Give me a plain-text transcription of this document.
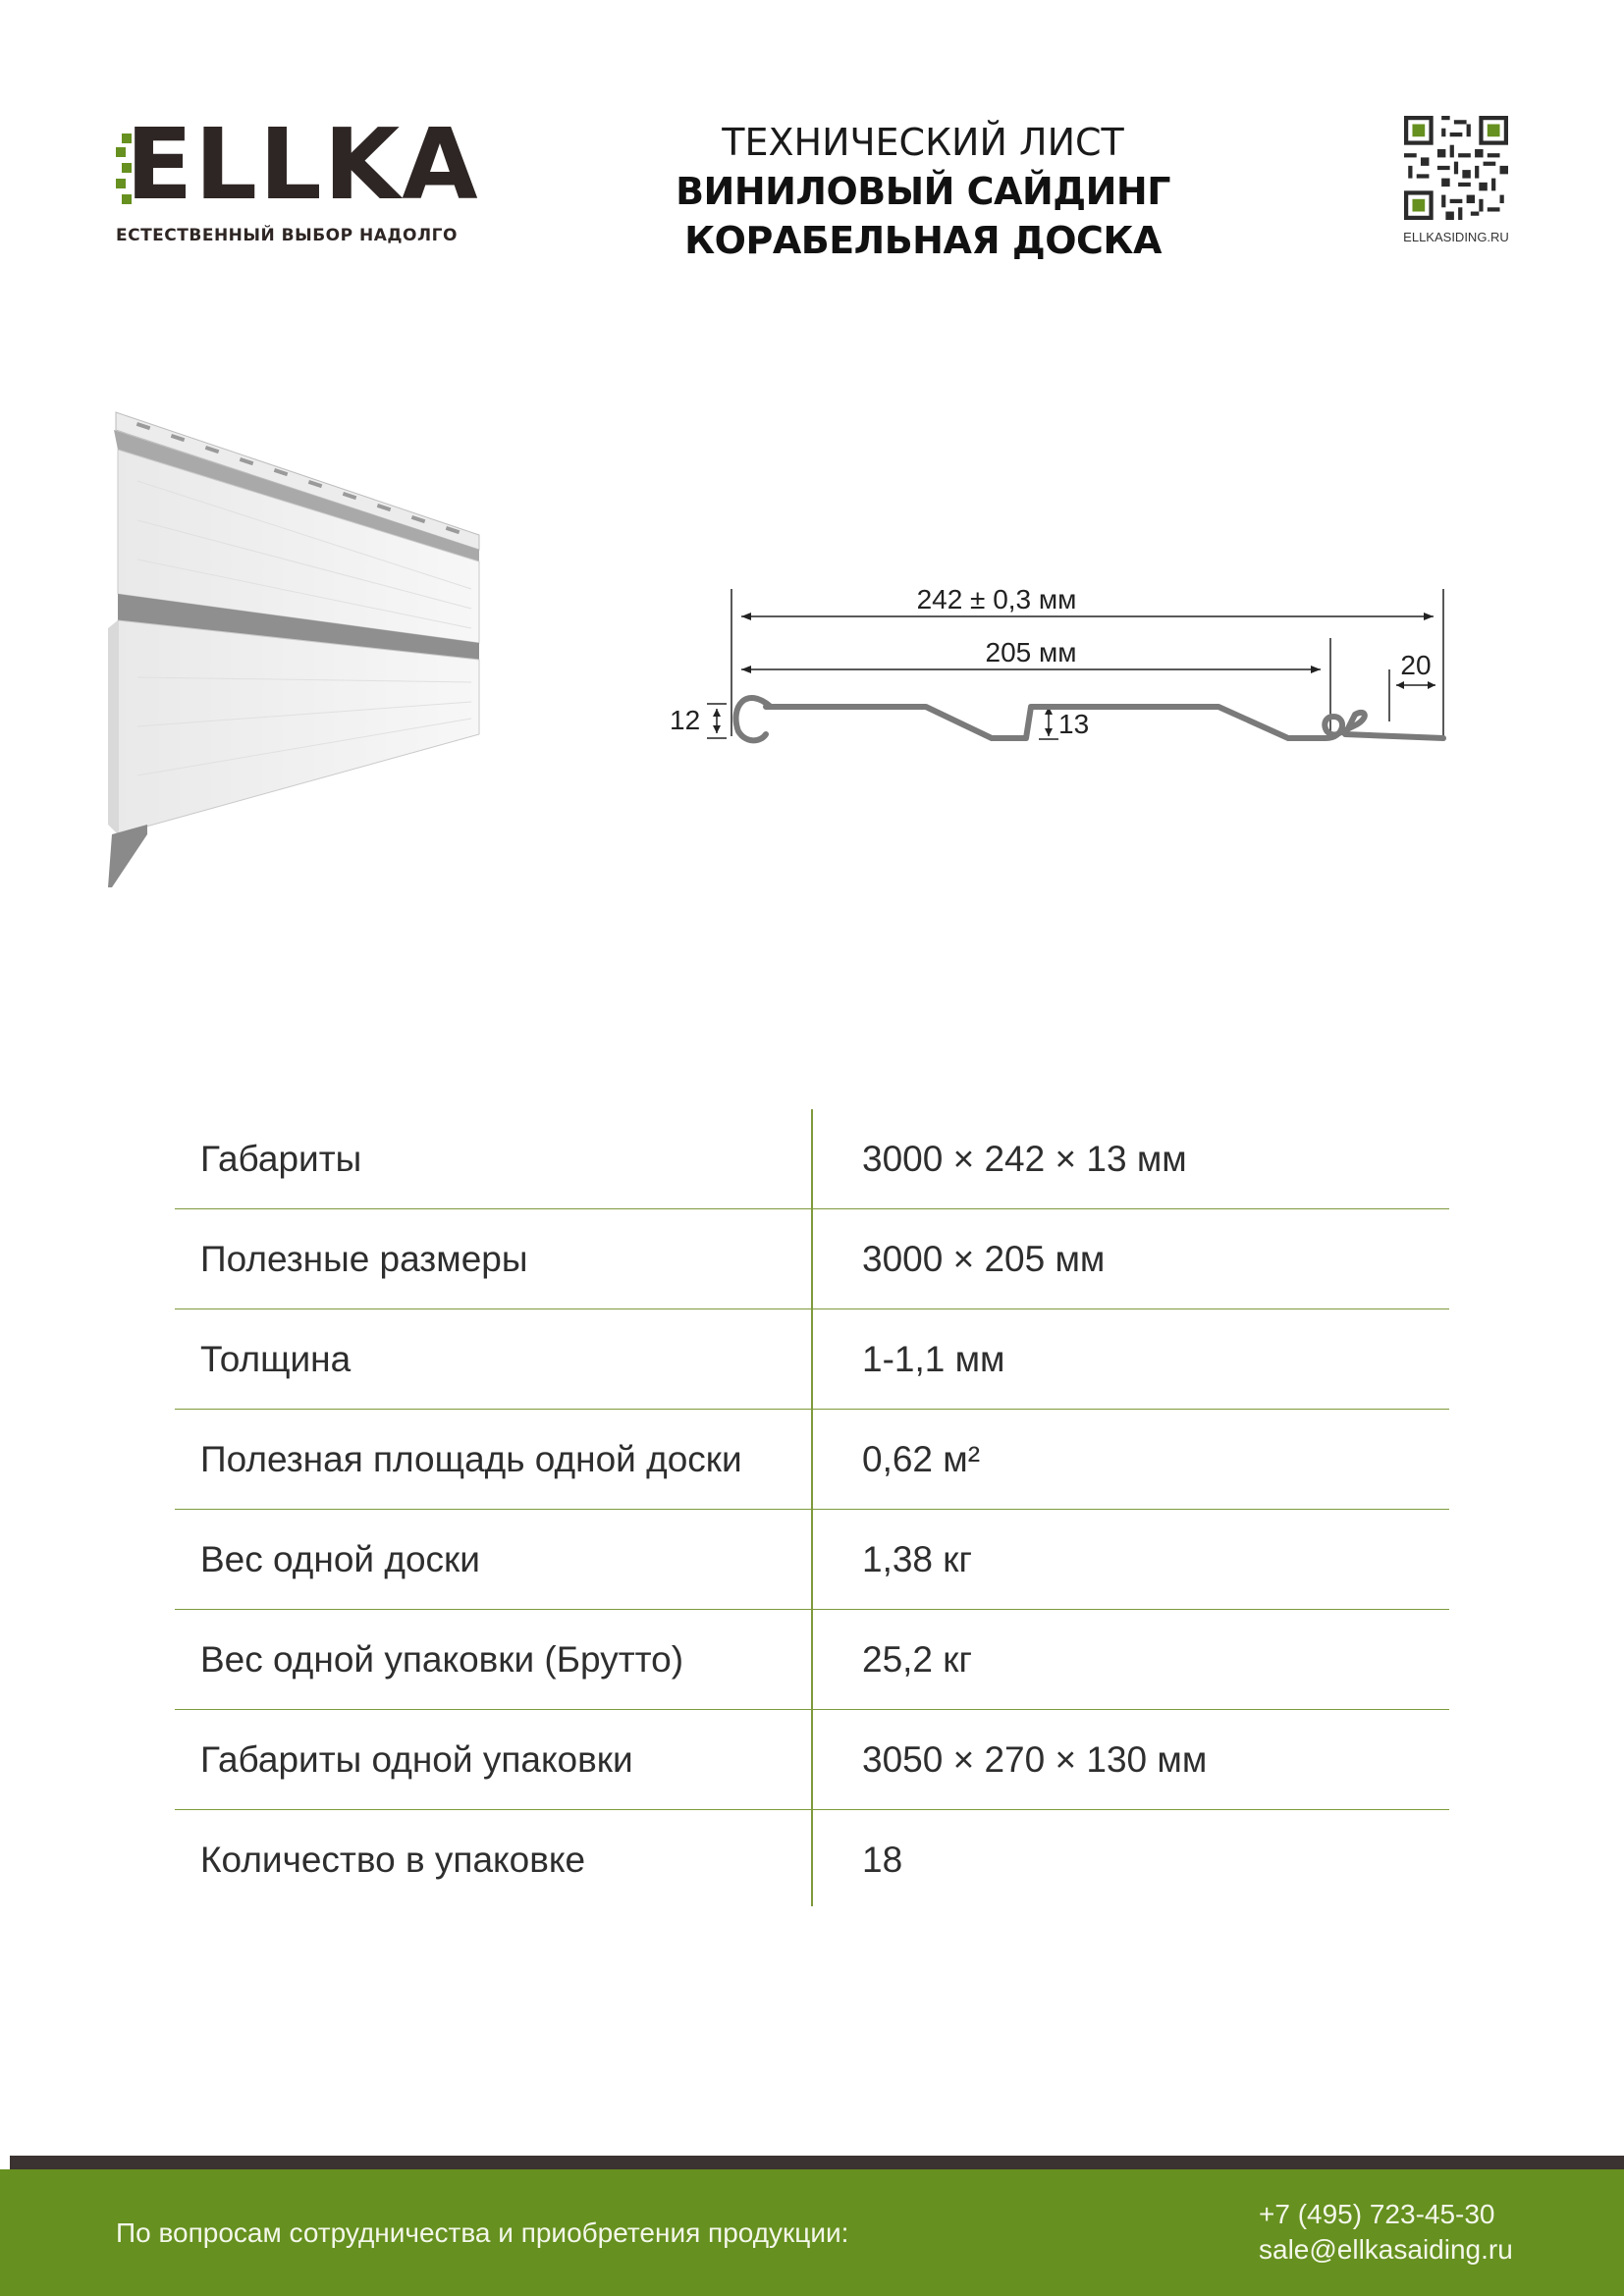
ELLKA
ЕСТЕСТВЕННЫЙ ВЫБОР НАДОЛГО
ТЕХНИЧЕСКИЙ ЛИСТ
ВИНИЛОВЫЙ САЙДИНГ
КОРАБЕЛЬНАЯ ДОСКА	ELLKASIDING.RU
242 ± 0,3 мм
205 мм	20
12	13
Габариты	3000 × 242 × 13 мм
Полезные размеры	3000 × 205 мм
Толщина	1-1,1 мм
Полезная площадь одной доски	0,62 м²
Вес одной доски	1,38 кг
Вес одной упаковки (Брутто)	25,2 кг
Габариты одной упаковки	3050 × 270 × 130 мм
Количество в упаковке	18
По вопросам сотрудничества и приобретения продукции:
+7 (495) 723-45-30
sale@ellkasaiding.ru
